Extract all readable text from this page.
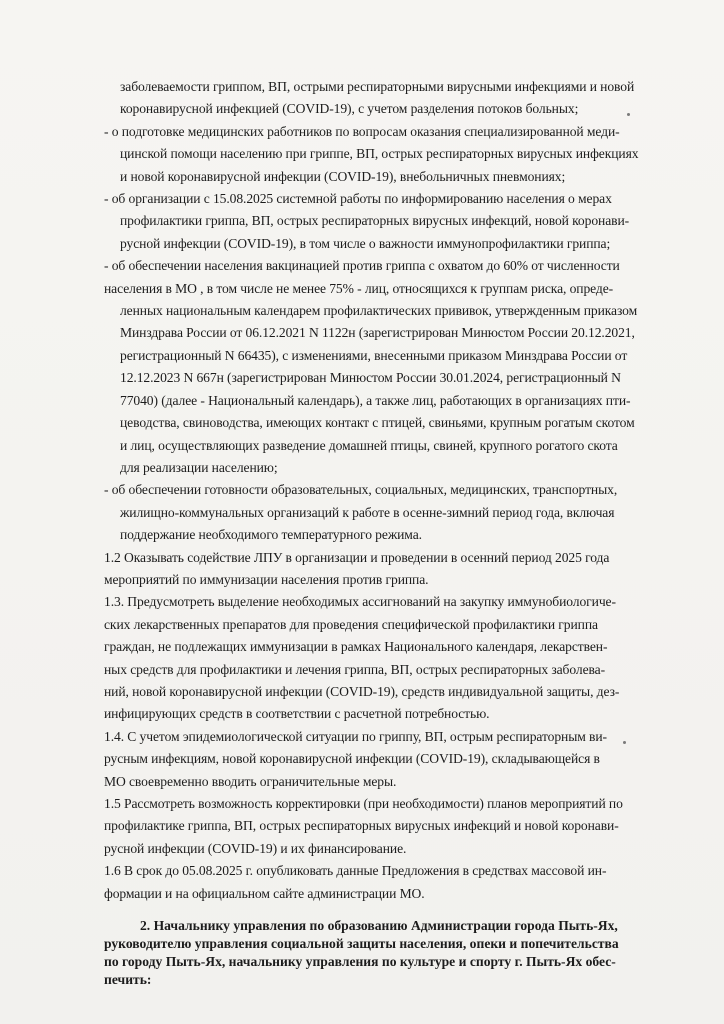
заболеваемости гриппом, ВП, острыми респираторными вирусными инфекциями и новой
коронавирусной инфекцией (COVID-19), с учетом разделения потоков больных;
- о подготовке медицинских работников по вопросам оказания специализированной меди-
цинской помощи населению при гриппе, ВП, острых респираторных вирусных инфекциях
и новой коронавирусной инфекции (COVID-19), внебольничных пневмониях;
- об организации с 15.08.2025 системной работы по информированию населения о мерах
профилактики гриппа, ВП, острых респираторных вирусных инфекций, новой коронави-
русной инфекции (COVID-19), в том числе о важности иммунопрофилактики гриппа;
- об обеспечении населения вакцинацией против гриппа с охватом до 60% от численности
населения в МО , в том числе не менее 75% - лиц, относящихся к группам риска, опреде-
ленных национальным календарем профилактических прививок, утвержденным приказом
Минздрава России от 06.12.2021 N 1122н (зарегистрирован Минюстом России 20.12.2021,
регистрационный N 66435), с изменениями, внесенными приказом Минздрава России от
12.12.2023 N 667н (зарегистрирован Минюстом России 30.01.2024, регистрационный N
77040) (далее - Национальный календарь), а также лиц, работающих в организациях пти-
цеводства, свиноводства, имеющих контакт с птицей, свиньями, крупным рогатым скотом
и лиц, осуществляющих разведение домашней птицы, свиней, крупного рогатого скота
для реализации населению;
- об обеспечении готовности образовательных, социальных, медицинских, транспортных,
жилищно-коммунальных организаций к работе в осенне-зимний период года, включая
поддержание необходимого температурного режима.
1.2 Оказывать содействие ЛПУ в организации и проведении в осенний период 2025 года
мероприятий по иммунизации населения против гриппа.
1.3. Предусмотреть выделение необходимых ассигнований на закупку иммунобиологиче-
ских лекарственных препаратов для проведения специфической профилактики гриппа
граждан, не подлежащих иммунизации в рамках Национального календаря, лекарствен-
ных средств для профилактики и лечения гриппа, ВП, острых респираторных заболева-
ний, новой коронавирусной инфекции (COVID-19), средств индивидуальной защиты, дез-
инфицирующих средств в соответствии с расчетной потребностью.
1.4. С учетом эпидемиологической ситуации по гриппу, ВП, острым респираторным ви-
русным инфекциям, новой коронавирусной инфекции (COVID-19), складывающейся в
МО своевременно вводить ограничительные меры.
1.5 Рассмотреть возможность корректировки (при необходимости) планов мероприятий по
профилактике гриппа, ВП, острых респираторных вирусных инфекций и новой коронави-
русной инфекции (COVID-19) и их финансирование.
1.6 В срок до 05.08.2025 г. опубликовать данные Предложения в средствах массовой ин-
формации и на официальном сайте администрации МО.
2. Начальнику управления по образованию Администрации города Пыть-Ях,
руководителю управления социальной защиты населения, опеки и попечительства
по городу Пыть-Ях, начальнику управления по культуре и спорту г. Пыть-Ях обес-
печить:
